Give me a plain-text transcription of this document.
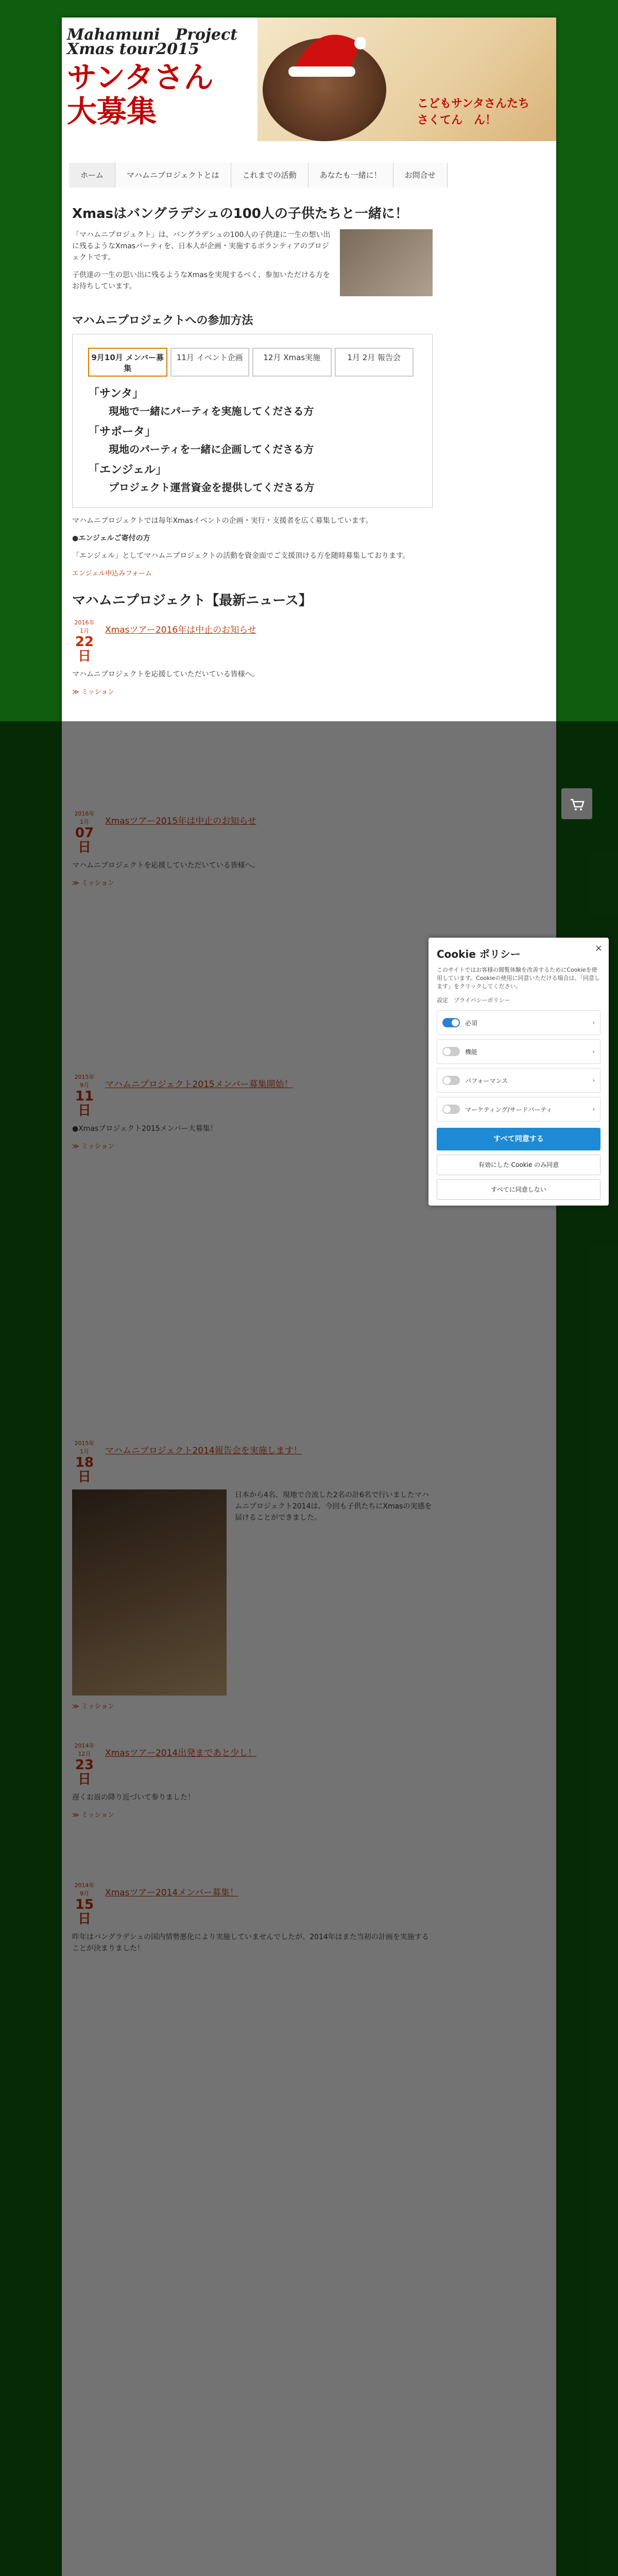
Mahamuni　Project
Xmas tour2015
サンタさん
大募集	こどもサンタさんたち
さくてん　ん！
ホーム	マハムニプロジェクトとは	これまでの活動	あなたも一緒に！	お問合せ
Xmasはバングラデシュの100人の子供たちと一緒に！

「マハムニプロジェクト」は、バングラデシュの100人の子供達に一生の想い出に残るようなXmasパーティを、日本人が企画・実施するボランティアのプロジェクトです。

子供達の一生の思い出に残るようなXmasを実現するべく、参加いただける方をお待ちしています。

マハムニプロジェクトへの参加方法
9月10月 メンバー募集
11月 イベント企画	12月 Xmas実施	1月 2月 報告会
「サンタ」
現地で一緒にパーティを実施してくださる方
「サポータ」
現地のパーティを一緒に企画してくださる方
「エンジェル」
プロジェクト運営資金を提供してくださる方

マハムニプロジェクトでは毎年Xmasイベントの企画・実行・支援者を広く募集しています。

●エンジェルご寄付の方

「エンジェル」としてマハムニプロジェクトの活動を資金面でご支援頂ける方を随時募集しております。

エンジェル申込みフォーム

マハムニプロジェクト【最新ニュース】
2016年
1月
22日
Xmasツアー2016年は中止のお知らせ

マハムニプロジェクトを応援していただいている皆様へ。

≫ ミッション

×
Cookie ポリシー
このサイトではお客様の閲覧体験を改善するためにCookieを使用しています。Cookieの使用に同意いただける場合は、「同意します」をクリックしてください。
設定　プライバシーポリシー
必須	›
機能	›
パフォーマンス	›
マーケティング/サードパーティ	›
すべて同意する
有効にした Cookie のみ同意
すべてに同意しない
